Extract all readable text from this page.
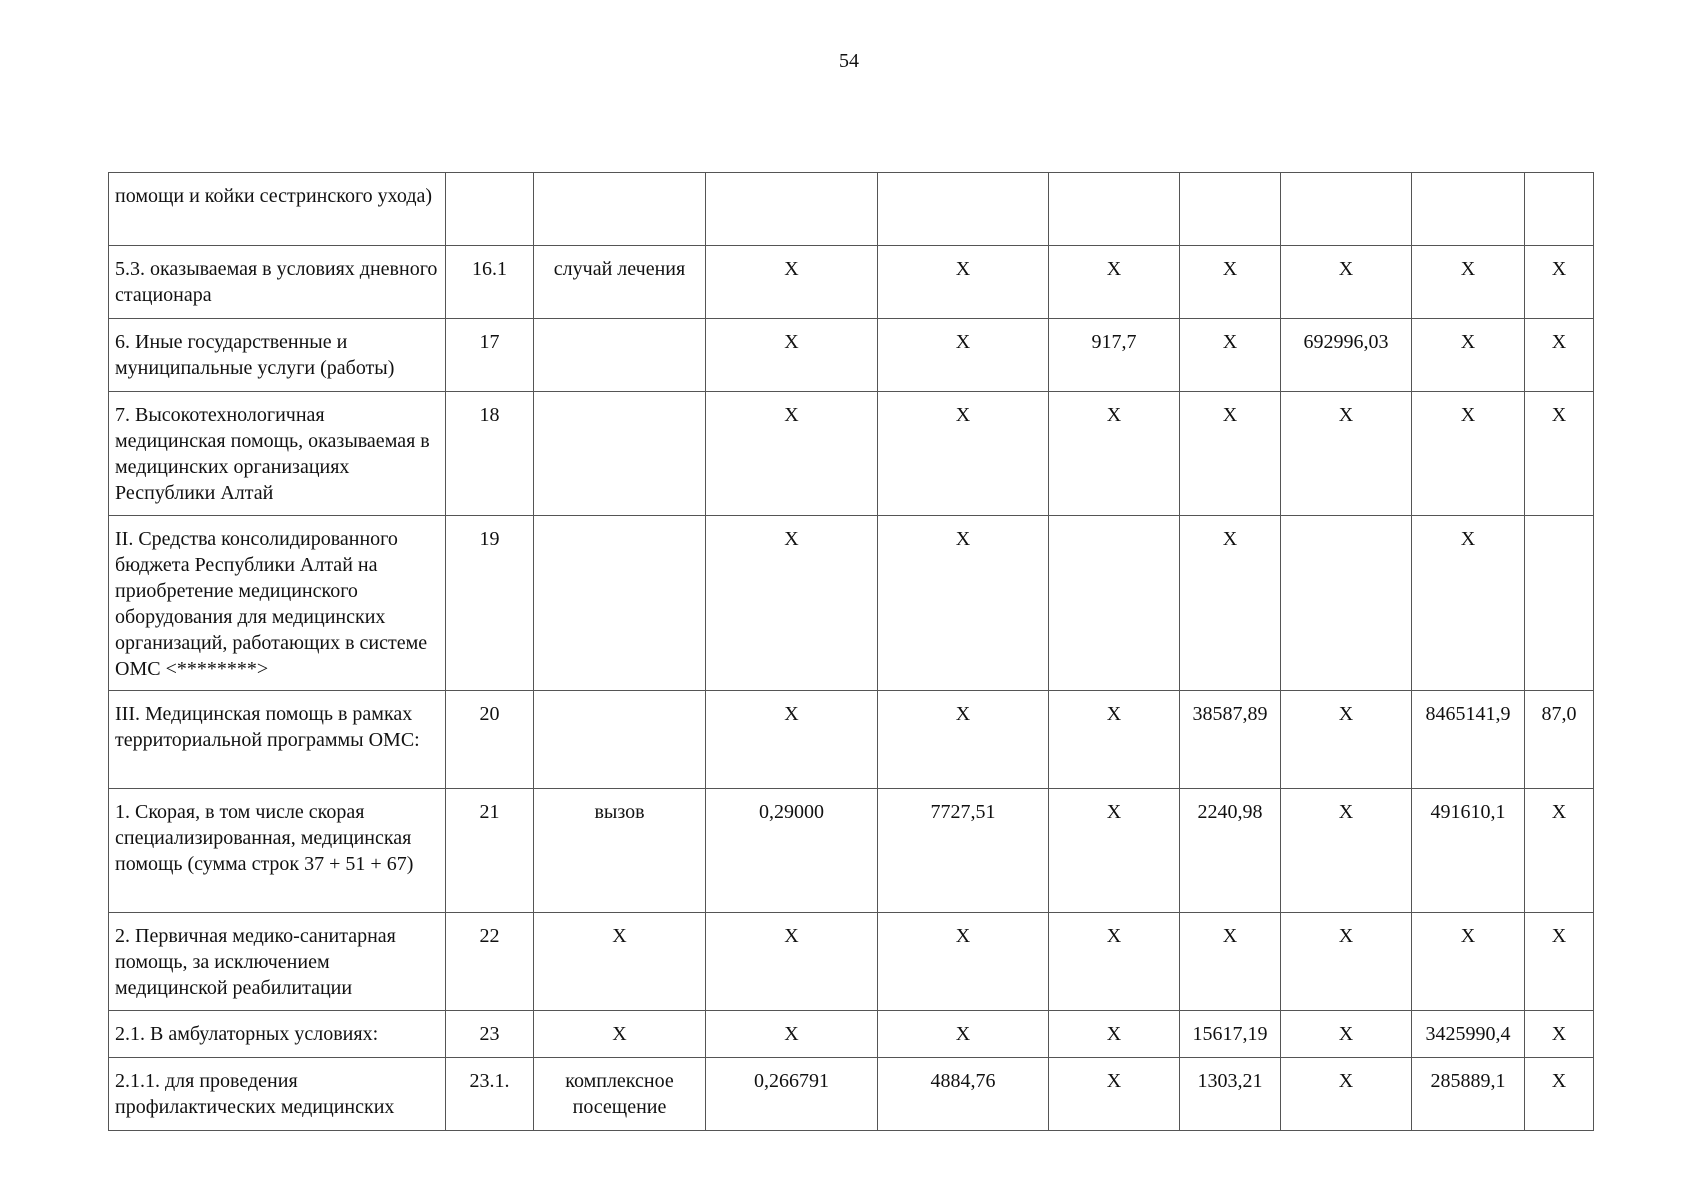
54
помощи и койки сестринского ухода)									
5.3. оказываемая в условиях дневного стационара	16.1	случай лечения	X	X	X	X	X	X	X
6. Иные государственные и муниципальные услуги (работы)	17		X	X	917,7	X	692996,03	X	X
7. Высокотехнологичная медицинская помощь, оказываемая в медицинских организациях Республики Алтай	18		X	X	X	X	X	X	X
II. Средства консолидированного бюджета Республики Алтай на приобретение медицинского оборудования для медицинских организаций, работающих в системе ОМС <********>	19		X	X		X		X	
III. Медицинская помощь в рамках территориальной программы ОМС:	20		X	X	X	38587,89	X	8465141,9	87,0
1. Скорая, в том числе скорая специализированная, медицинская помощь (сумма строк 37 + 51 + 67)	21	вызов	0,29000	7727,51	X	2240,98	X	491610,1	X
2. Первичная медико-санитарная помощь, за исключением медицинской реабилитации	22	X	X	X	X	X	X	X	X
2.1. В амбулаторных условиях:	23	X	X	X	X	15617,19	X	3425990,4	X
2.1.1. для проведения профилактических медицинских	23.1.	комплексное посещение	0,266791	4884,76	X	1303,21	X	285889,1	X
